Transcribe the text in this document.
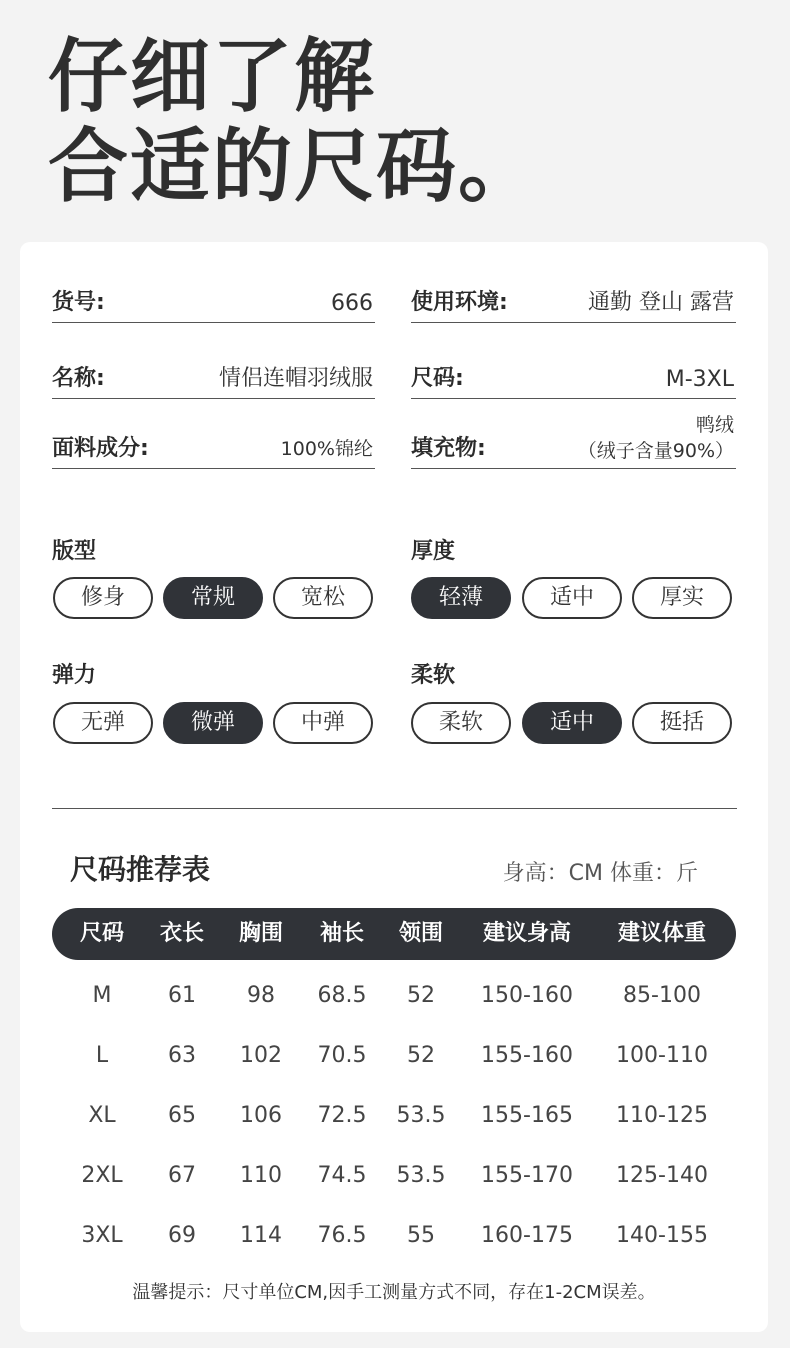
仔细了解
合适的尺码。
货号:	666 使用环境:	通勤 登山 露营
名称:	情侣连帽羽绒服 尺码:	M-3XL
面料成分:	100%锦纶 填充物:
鸭绒
（绒子含量90%）
版型
修身	常规	宽松
厚度
轻薄	适中	厚实
弹力
无弹	微弹	中弹
柔软
柔软	适中	挺括
尺码推荐表	身高：CM 体重：斤
尺码	衣长	胸围	袖长	领围	建议身高	建议体重
M	61	98	68.5	52	150-160	85-100
L	63	102	70.5	52	155-160	100-110
XL	65	106	72.5	53.5	155-165	110-125
2XL	67	110	74.5	53.5	155-170	125-140
3XL	69	114	76.5	55	160-175	140-155
温馨提示：尺寸单位CM,因手工测量方式不同，存在1-2CM误差。
